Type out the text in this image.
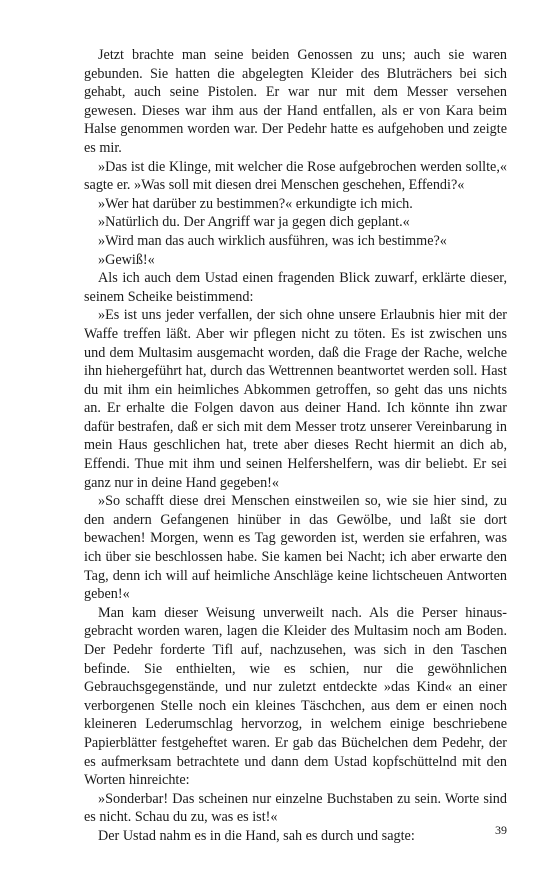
Jetzt brachte man seine beiden Genossen zu uns; auch sie waren gebunden. Sie hatten die abgelegten Kleider des Bluträchers bei sich gehabt, auch seine Pistolen. Er war nur mit dem Messer versehen gewesen. Dieses war ihm aus der Hand entfallen, als er von Kara beim Halse genommen worden war. Der Pedehr hatte es aufgehoben und zeigte es mir.

»Das ist die Klinge, mit welcher die Rose aufgebrochen werden sollte,« sagte er. »Was soll mit diesen drei Menschen geschehen, Effendi?«

»Wer hat darüber zu bestimmen?« erkundigte ich mich.

»Natürlich du. Der Angriff war ja gegen dich geplant.«

»Wird man das auch wirklich ausführen, was ich bestimme?«

»Gewiß!«

Als ich auch dem Ustad einen fragenden Blick zuwarf, erklärte dieser, seinem Scheike beistimmend:

»Es ist uns jeder verfallen, der sich ohne unsere Erlaubnis hier mit der Waffe treffen läßt. Aber wir pflegen nicht zu töten. Es ist zwischen uns und dem Multasim ausgemacht worden, daß die Frage der Rache, welche ihn hiehergeführt hat, durch das Wettrennen beantwortet werden soll. Hast du mit ihm ein heimliches Abkommen getroffen, so geht das uns nichts an. Er erhalte die Folgen davon aus deiner Hand. Ich könnte ihn zwar dafür bestrafen, daß er sich mit dem Messer trotz unserer Vereinbarung in mein Haus geschlichen hat, trete aber dieses Recht hiermit an dich ab, Effendi. Thue mit ihm und seinen Helfershelfern, was dir beliebt. Er sei ganz nur in deine Hand gegeben!«

»So schafft diese drei Menschen einstweilen so, wie sie hier sind, zu den andern Gefangenen hinüber in das Gewölbe, und laßt sie dort bewachen! Morgen, wenn es Tag geworden ist, werden sie erfahren, was ich über sie beschlossen habe. Sie kamen bei Nacht; ich aber erwarte den Tag, denn ich will auf heimliche Anschläge keine lichtscheuen Antworten geben!«

Man kam dieser Weisung unverweilt nach. Als die Perser hinausgebracht worden waren, lagen die Kleider des Multasim noch am Boden. Der Pedehr forderte Tifl auf, nachzusehen, was sich in den Taschen befinde. Sie enthielten, wie es schien, nur die gewöhnlichen Gebrauchsgegenstände, und nur zuletzt entdeckte »das Kind« an einer verborgenen Stelle noch ein kleines Täschchen, aus dem er einen noch kleineren Lederumschlag hervorzog, in welchem einige beschriebene Papierblätter festgeheftet waren. Er gab das Büchelchen dem Pedehr, der es aufmerksam betrachtete und dann dem Ustad kopfschüttelnd mit den Worten hinreichte:

»Sonderbar! Das scheinen nur einzelne Buchstaben zu sein. Worte sind es nicht. Schau du zu, was es ist!«

Der Ustad nahm es in die Hand, sah es durch und sagte:	39
